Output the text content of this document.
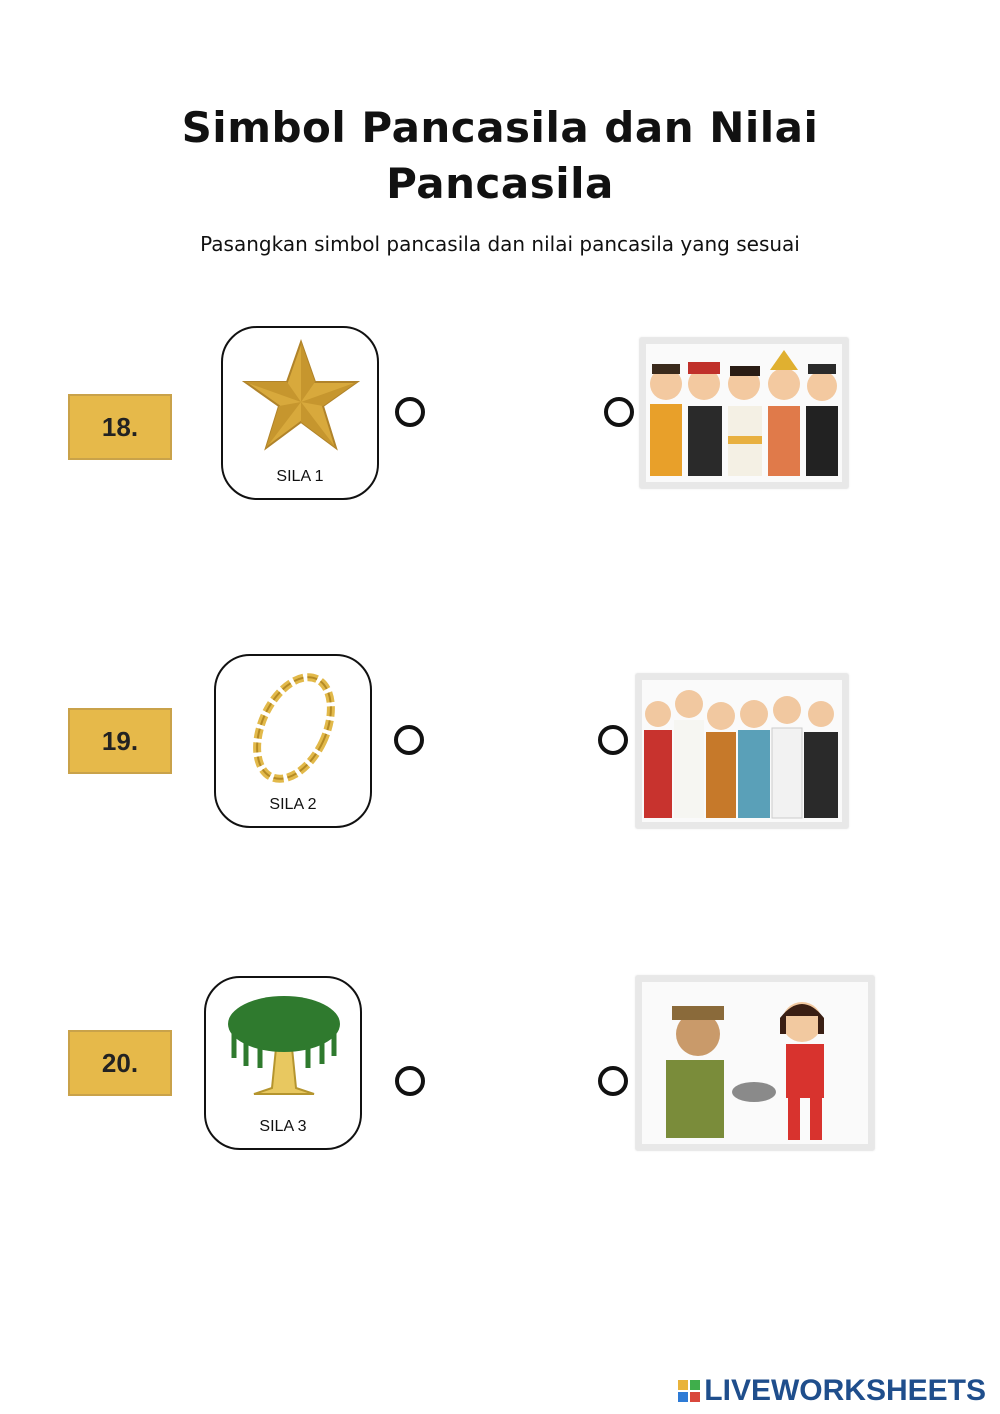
Simbol Pancasila dan Nilai Pancasila

Pasangkan simbol pancasila dan nilai pancasila yang sesuai

18.
SILA 1
19.
SILA 2
20.
SILA 3
LIVEWORKSHEETS
